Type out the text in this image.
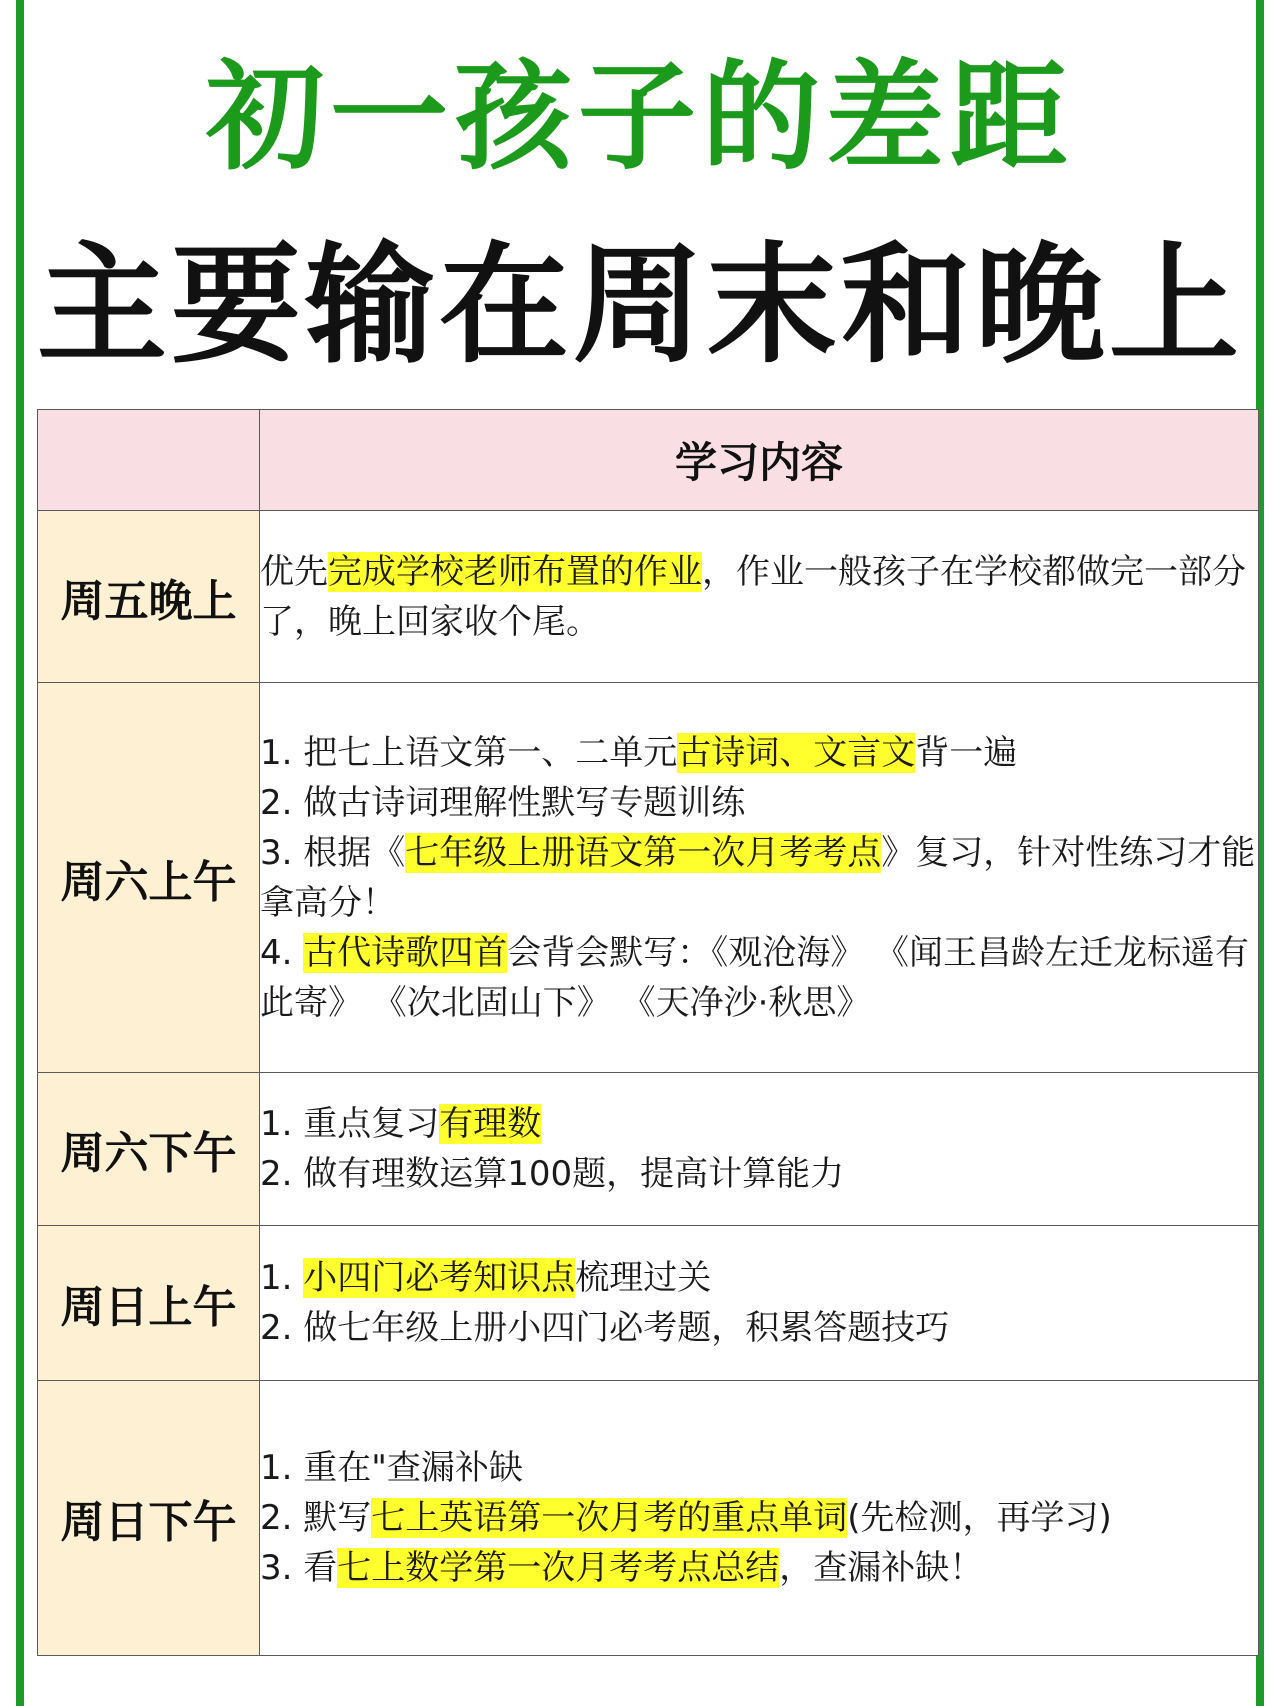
初一孩子的差距
主要输在周末和晚上
	学习内容
周五晚上	优先完成学校老师布置的作业，作业一般孩子在学校都做完一部分了，晚上回家收个尾。

周六上午	1. 把七上语文第一、二单元古诗词、文言文背一遍
2. 做古诗词理解性默写专题训练
3. 根据《七年级上册语文第一次月考考点》复习，针对性练习才能拿高分！
4. 古代诗歌四首会背会默写：《观沧海》 《闻王昌龄左迁龙标遥有此寄》 《次北固山下》 《天净沙·秋思》

周六下午	1. 重点复习有理数
2. 做有理数运算100题，提高计算能力

周日上午	1. 小四门必考知识点梳理过关
2. 做七年级上册小四门必考题，积累答题技巧

周日下午	1. 重在"查漏补缺
2. 默写七上英语第一次月考的重点单词(先检测，再学习)
3. 看七上数学第一次月考考点总结，查漏补缺！
